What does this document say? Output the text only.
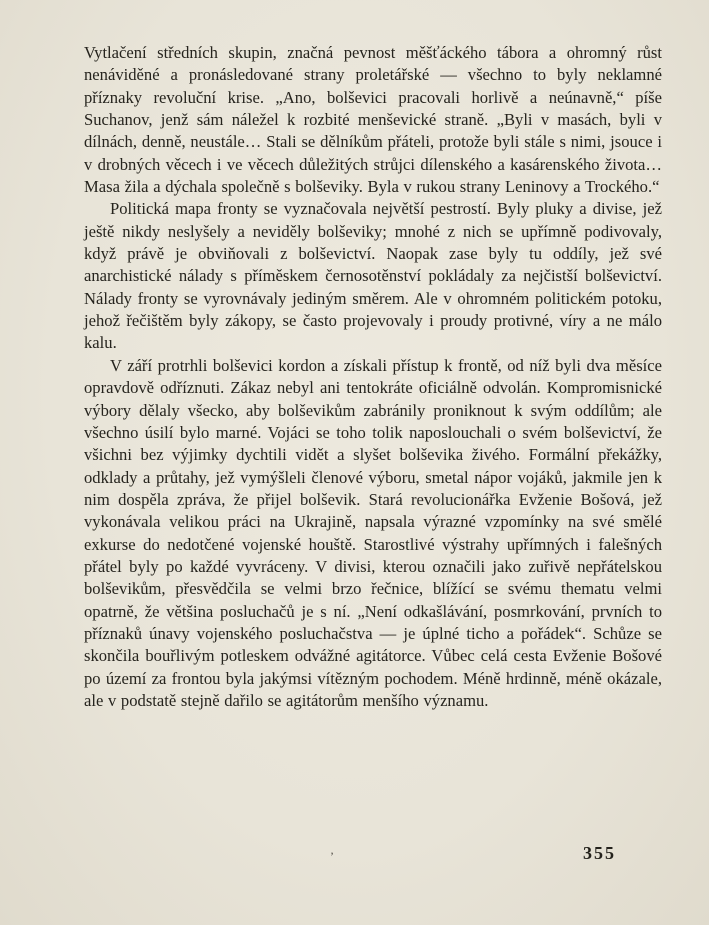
Vytlačení středních skupin, značná pevnost měšťáckého tábora a ohromný růst nenáviděné a pronásledované strany proletářské — všechno to byly neklamné příznaky revoluční krise. „Ano, bolševici pracovali horlivě a neúnavně,“ píše Suchanov, jenž sám náležel k rozbité menševické straně. „Byli v masách, byli v dílnách, denně, neustále… Stali se dělníkům přáteli, protože byli stále s nimi, jsouce i v drobných věcech i ve věcech důležitých strůjci dílenského a kasárenského života… Masa žila a dýchala společně s bolševiky. Byla v rukou strany Leninovy a Trockého.“

Politická mapa fronty se vyznačovala největší pestrostí. Byly pluky a divise, jež ještě nikdy neslyšely a neviděly bolševiky; mnohé z nich se upřímně podivovaly, když právě je obviňovali z bolševictví. Naopak zase byly tu oddíly, jež své anarchistické nálady s příměskem černosotěnství pokládaly za nejčistší bolševictví. Nálady fronty se vyrovnávaly jediným směrem. Ale v ohromném politickém potoku, jehož řečištěm byly zákopy, se často projevovaly i proudy protivné, víry a ne málo kalu.

V září protrhli bolševici kordon a získali přístup k frontě, od níž byli dva měsíce opravdově odříznuti. Zákaz nebyl ani tentokráte oficiálně odvolán. Kompromisnické výbory dělaly všecko, aby bolševikům zabránily proniknout k svým oddílům; ale všechno úsilí bylo marné. Vojáci se toho tolik naposlouchali o svém bolševictví, že všichni bez výjimky dychtili vidět a slyšet bolševika živého. Formální překážky, odklady a průtahy, jež vymýšleli členové výboru, smetal nápor vojáků, jakmile jen k nim dospěla zpráva, že přijel bolševik. Stará revolucionářka Evženie Bošová, jež vykonávala velikou práci na Ukrajině, napsala výrazné vzpomínky na své smělé exkurse do nedotčené vojenské houště. Starostlivé výstrahy upřímných i falešných přátel byly po každé vyvráceny. V divisi, kterou označili jako zuřivě nepřátelskou bolševikům, přesvědčila se velmi brzo řečnice, blížící se svému thematu velmi opatrně, že většina posluchačů je s ní. „Není odkašlávání, posmrkování, prvních to příznaků únavy vojenského posluchačstva — je úplné ticho a pořádek“. Schůze se skončila bouřlivým potleskem odvážné agitátorce. Vůbec celá cesta Evženie Bošové po území za frontou byla jakýmsi vítězným pochodem. Méně hrdinně, méně okázale, ale v podstatě stejně dařilo se agitátorům menšího významu.

’	355
